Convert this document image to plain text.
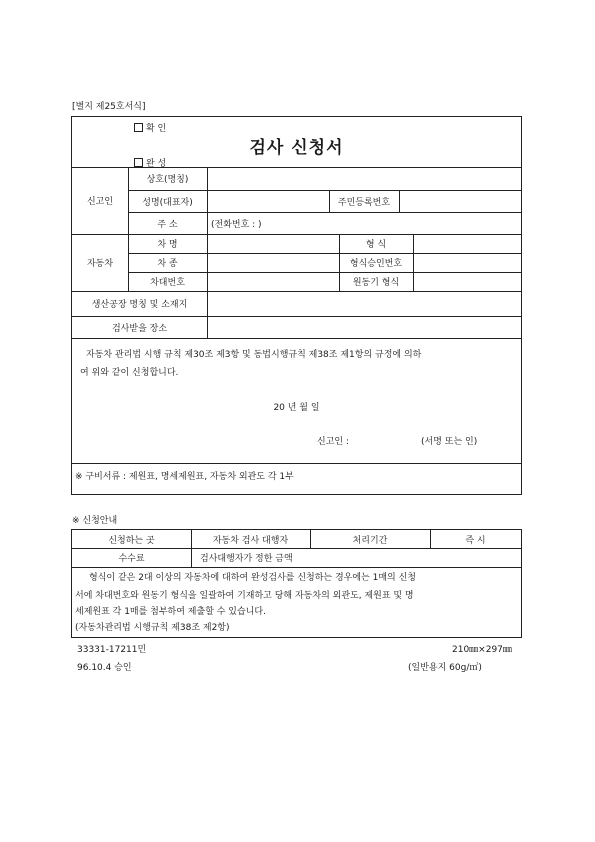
[별지 제25호서식]
확 인
검사 신청서
완 성
신고인
상호(명칭)
성명(대표자)	주민등록번호
주 소	(전화번호 : )
자동차
차 명	형 식
차 종	형식승인번호
차대번호	원동기 형식
생산공장 명칭 및 소재지
검사받을 장소
자동차 관리법 시행 규칙 제30조 제3항 및 동법시행규칙 제38조 제1항의 규정에 의하
여 위와 같이 신청합니다.
20 년 월 일
신고인 :	(서명 또는 인)
※ 구비서류 : 제원표, 명세제원표, 자동차 외관도 각 1부
※ 신청안내
신청하는 곳	자동차 검사 대행자	처리기간	즉 시
수수료	검사대행자가 정한 금액
형식이 같은 2대 이상의 자동차에 대하여 완성검사를 신청하는 경우에는 1매의 신청
서에 차대번호와 원동기 형식을 일괄하여 기재하고 당해 자동차의 외관도, 제원표 및 명
세제원표 각 1매를 첨부하여 제출할 수 있습니다.
(자동차관리법 시행규칙 제38조 제2항)
33331-17211민	210㎜×297㎜
96.10.4 승인	(일반용지 60g/㎡)
